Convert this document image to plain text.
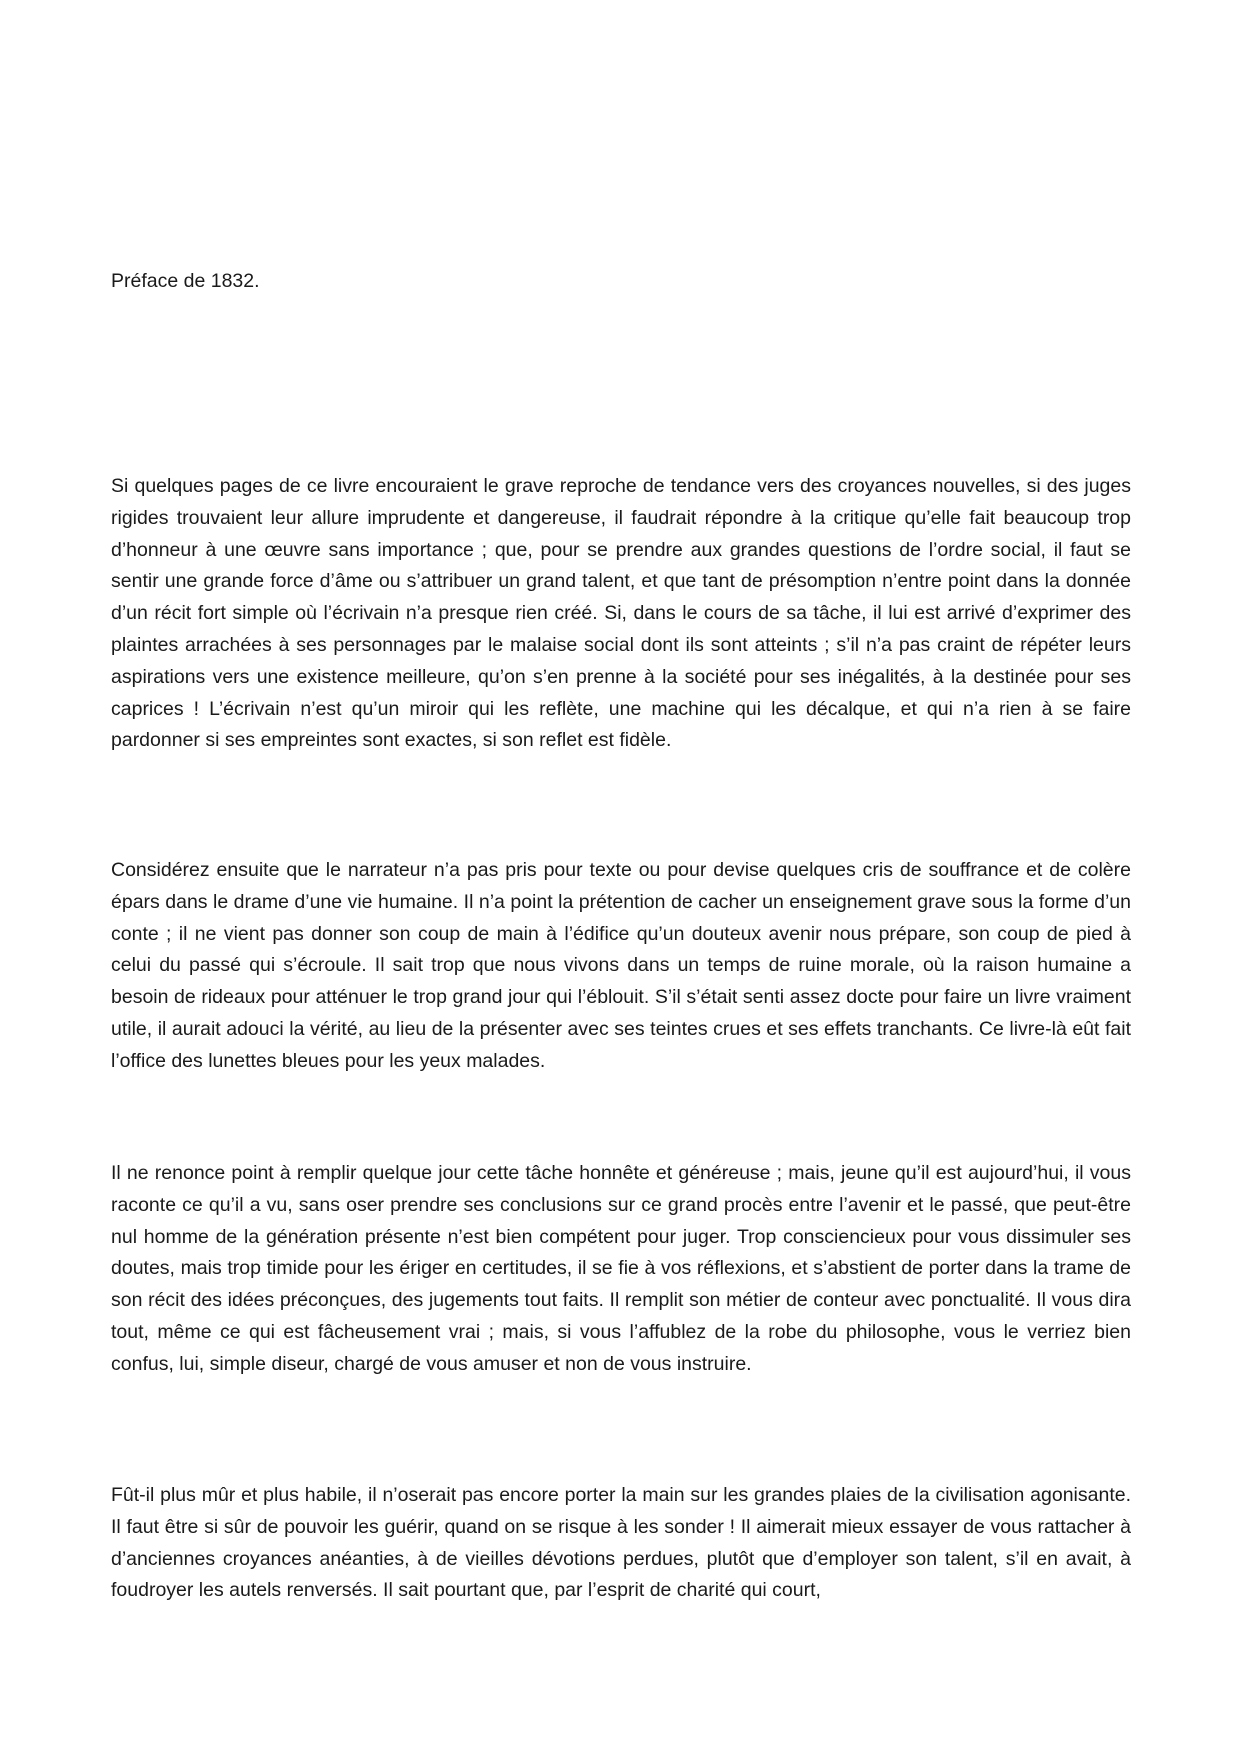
Préface de 1832.

Si quelques pages de ce livre encouraient le grave reproche de tendance vers des croyances nouvelles, si des juges rigides trouvaient leur allure imprudente et dangereuse, il faudrait répondre à la critique qu’elle fait beaucoup trop d’honneur à une œuvre sans importance ; que, pour se prendre aux grandes questions de l’ordre social, il faut se sentir une grande force d’âme ou s’attribuer un grand talent, et que tant de présomption n’entre point dans la donnée d’un récit fort simple où l’écrivain n’a presque rien créé. Si, dans le cours de sa tâche, il lui est arrivé d’exprimer des plaintes arrachées à ses personnages par le malaise social dont ils sont atteints ; s’il n’a pas craint de répéter leurs aspirations vers une existence meilleure, qu’on s’en prenne à la société pour ses inégalités, à la destinée pour ses caprices ! L’écrivain n’est qu’un miroir qui les reflète, une machine qui les décalque, et qui n’a rien à se faire pardonner si ses empreintes sont exactes, si son reflet est fidèle.

Considérez ensuite que le narrateur n’a pas pris pour texte ou pour devise quelques cris de souffrance et de colère épars dans le drame d’une vie humaine. Il n’a point la prétention de cacher un enseignement grave sous la forme d’un conte ; il ne vient pas donner son coup de main à l’édifice qu’un douteux avenir nous prépare, son coup de pied à celui du passé qui s’écroule. Il sait trop que nous vivons dans un temps de ruine morale, où la raison humaine a besoin de rideaux pour atténuer le trop grand jour qui l’éblouit. S’il s’était senti assez docte pour faire un livre vraiment utile, il aurait adouci la vérité, au lieu de la présenter avec ses teintes crues et ses effets tranchants. Ce livre-là eût fait l’office des lunettes bleues pour les yeux malades.

Il ne renonce point à remplir quelque jour cette tâche honnête et généreuse ; mais, jeune qu’il est aujourd’hui, il vous raconte ce qu’il a vu, sans oser prendre ses conclusions sur ce grand procès entre l’avenir et le passé, que peut-être nul homme de la génération présente n’est bien compétent pour juger. Trop consciencieux pour vous dissimuler ses doutes, mais trop timide pour les ériger en certitudes, il se fie à vos réflexions, et s’abstient de porter dans la trame de son récit des idées préconçues, des jugements tout faits. Il remplit son métier de conteur avec ponctualité. Il vous dira tout, même ce qui est fâcheusement vrai ; mais, si vous l’affublez de la robe du philosophe, vous le verriez bien confus, lui, simple diseur, chargé de vous amuser et non de vous instruire.

Fût-il plus mûr et plus habile, il n’oserait pas encore porter la main sur les grandes plaies de la civilisation agonisante. Il faut être si sûr de pouvoir les guérir, quand on se risque à les sonder ! Il aimerait mieux essayer de vous rattacher à d’anciennes croyances anéanties, à de vieilles dévotions perdues, plutôt que d’employer son talent, s’il en avait, à foudroyer les autels renversés. Il sait pourtant que, par l’esprit de charité qui court,
